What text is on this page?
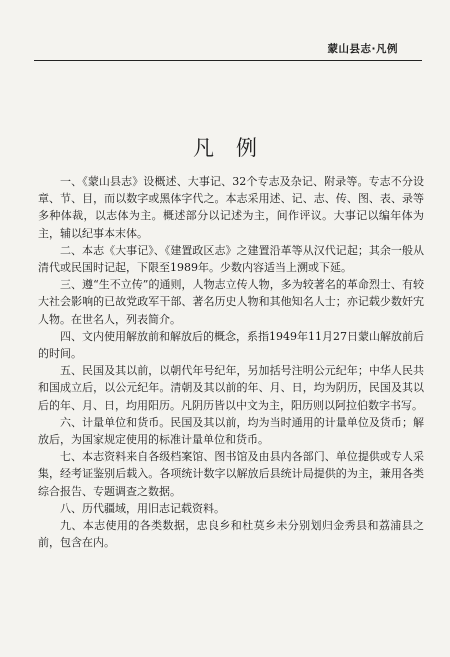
蒙山县志·凡例
凡例

一、《蒙山县志》设概述、大事记、32个专志及杂记、附录等。专志不分设章、节、目，而以数字或黑体字代之。本志采用述、记、志、传、图、表、录等多种体裁，以志体为主。概述部分以记述为主，间作评议。大事记以编年体为主，辅以纪事本末体。

二、本志《大事记》、《建置政区志》之建置沿革等从汉代记起；其余一般从清代或民国时记起，下限至1989年。少数内容适当上溯或下延。

三、遵“生不立传”的通则，人物志立传人物，多为较著名的革命烈士、有较大社会影响的已故党政军干部、著名历史人物和其他知名人士；亦记载少数奸宄人物。在世名人，列表简介。

四、文内使用解放前和解放后的概念，系指1949年11月27日蒙山解放前后的时间。

五、民国及其以前，以朝代年号纪年，另加括号注明公元纪年；中华人民共和国成立后，以公元纪年。清朝及其以前的年、月、日，均为阴历，民国及其以后的年、月、日，均用阳历。凡阴历皆以中文为主，阳历则以阿拉伯数字书写。

六、计量单位和货币。民国及其以前，均为当时通用的计量单位及货币；解放后，为国家规定使用的标准计量单位和货币。

七、本志资料来自各级档案馆、图书馆及由县内各部门、单位提供或专人采集，经考证鉴别后载入。各项统计数字以解放后县统计局提供的为主，兼用各类综合报告、专题调查之数据。

八、历代疆域，用旧志记载资料。

九、本志使用的各类数据，忠良乡和杜莫乡未分别划归金秀县和荔浦县之前，包含在内。
